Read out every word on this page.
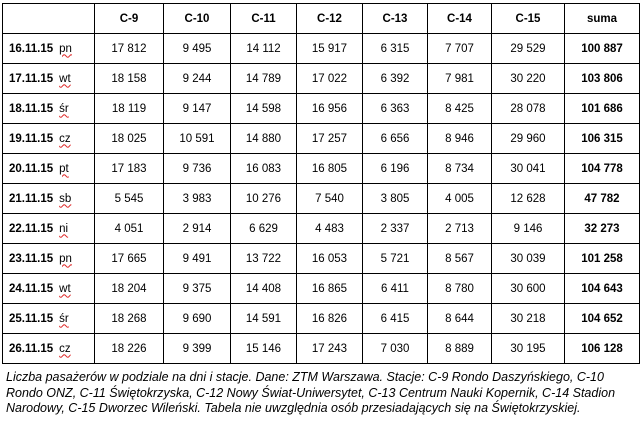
	C-9	C-10	C-11	C-12	C-13	C-14	C-15	suma
16.11.15 pn	17 812	9 495	14 112	15 917	6 315	7 707	29 529	100 887
17.11.15 wt	18 158	9 244	14 789	17 022	6 392	7 981	30 220	103 806
18.11.15 śr	18 119	9 147	14 598	16 956	6 363	8 425	28 078	101 686
19.11.15 cz	18 025	10 591	14 880	17 257	6 656	8 946	29 960	106 315
20.11.15 pt	17 183	9 736	16 083	16 805	6 196	8 734	30 041	104 778
21.11.15 sb	5 545	3 983	10 276	7 540	3 805	4 005	12 628	47 782
22.11.15 ni	4 051	2 914	6 629	4 483	2 337	2 713	9 146	32 273
23.11.15 pn	17 665	9 491	13 722	16 053	5 721	8 567	30 039	101 258
24.11.15 wt	18 204	9 375	14 408	16 865	6 411	8 780	30 600	104 643
25.11.15 śr	18 268	9 690	14 591	16 826	6 415	8 644	30 218	104 652
26.11.15 cz	18 226	9 399	15 146	17 243	7 030	8 889	30 195	106 128

Liczba pasażerów w podziale na dni i stacje. Dane: ZTM Warszawa. Stacje: C-9 Rondo Daszyńskiego, C-10 Rondo ONZ, C-11 Świętokrzyska, C-12 Nowy Świat-Uniwersytet, C-13 Centrum Nauki Kopernik, C-14 Stadion Narodowy, C-15 Dworzec Wileński. Tabela nie uwzględnia osób przesiadających się na Świętokrzyskiej.
